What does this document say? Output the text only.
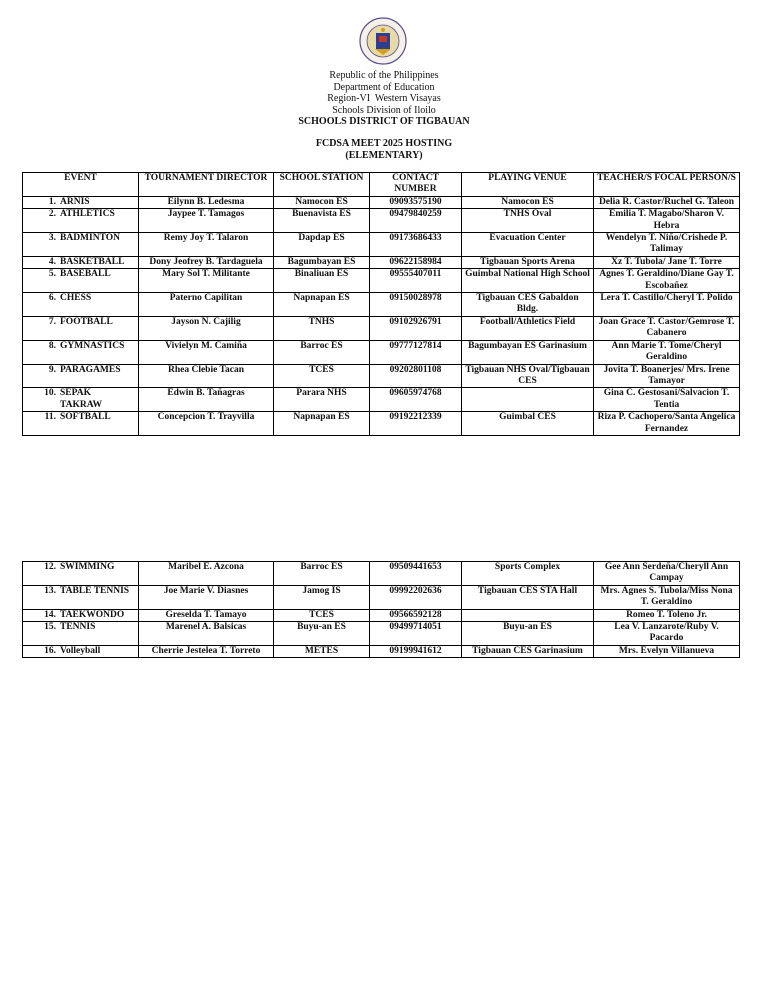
Republic of the Philippines
Department of Education
Region-VI  Western Visayas
Schools Division of Iloilo
SCHOOLS DISTRICT OF TIGBAUAN
FCDSA MEET 2025 HOSTING
(ELEMENTARY)
EVENT	TOURNAMENT DIRECTOR	SCHOOL STATION	CONTACT NUMBER	PLAYING VENUE	TEACHER/S FOCAL PERSON/S

1. ARNIS	Eilynn B. Ledesma	Namocon ES	09093575190	Namocon ES	Delia R. Castor/Ruchel G. Taleon

2. ATHLETICS	Jaypee T. Tamagos	Buenavista ES	09479840259	TNHS Oval	Emilia T. Magabo/Sharon V. Hebra

3. BADMINTON	Remy Joy T. Talaron	Dapdap ES	09173686433	Evacuation Center	Wendelyn T. Niño/Crishede P. Talimay

4. BASKETBALL	Dony Jeofrey B. Tardaguela	Bagumbayan ES	09622158984	Tigbauan Sports Arena	Xz T. Tubola/ Jane T. Torre

5. BASEBALL	Mary Sol T. Militante	Binaliuan ES	09555407011	Guimbal National High School	Agnes T. Geraldino/Diane Gay T. Escobañez

6. CHESS	Paterno Capilitan	Napnapan ES	09150028978	Tigbauan CES Gabaldon Bldg.	Lera T. Castillo/Cheryl T. Polido

7. FOOTBALL	Jayson N. Cajilig	TNHS	09102926791	Football/Athletics Field	Joan Grace T. Castor/Gemrose T. Cabanero

8. GYMNASTICS	Vivielyn M. Camiña	Barroc ES	09777127814	Bagumbayan ES Garinasium	Ann Marie T. Tome/Cheryl Geraldino

9. PARAGAMES	Rhea Clebie Tacan	TCES	09202801108	Tigbauan NHS Oval/Tigbauan CES	Jovita T. Boanerjes/ Mrs. Irene Tamayor

10. SEPAK TAKRAW	Edwin B. Tañagras	Parara NHS	09605974768		Gina C. Gestosani/Salvacion T. Tentia

11. SOFTBALL	Concepcion T. Trayvilla	Napnapan ES	09192212339	Guimbal CES	Riza P. Cachopero/Santa Angelica Fernandez
12. SWIMMING	Maribel E. Azcona	Barroc ES	09509441653	Sports Complex	Gee Ann Serdeña/Cheryll Ann Campay

13. TABLE TENNIS	Joe Marie V. Diasnes	Jamog IS	09992202636	Tigbauan CES STA Hall	Mrs. Agnes S. Tubola/Miss Nona T. Geraldino

14. TAEKWONDO	Greselda T. Tamayo	TCES	09566592128		Romeo T. Toleno Jr.

15. TENNIS	Marenel A. Balsicas	Buyu-an ES	09499714051	Buyu-an ES	Lea V. Lanzarote/Ruby V. Pacardo

16. Volleyball	Cherrie Jestelea T. Torreto	METES	09199941612	Tigbauan CES Garinasium	Mrs. Evelyn Villanueva
